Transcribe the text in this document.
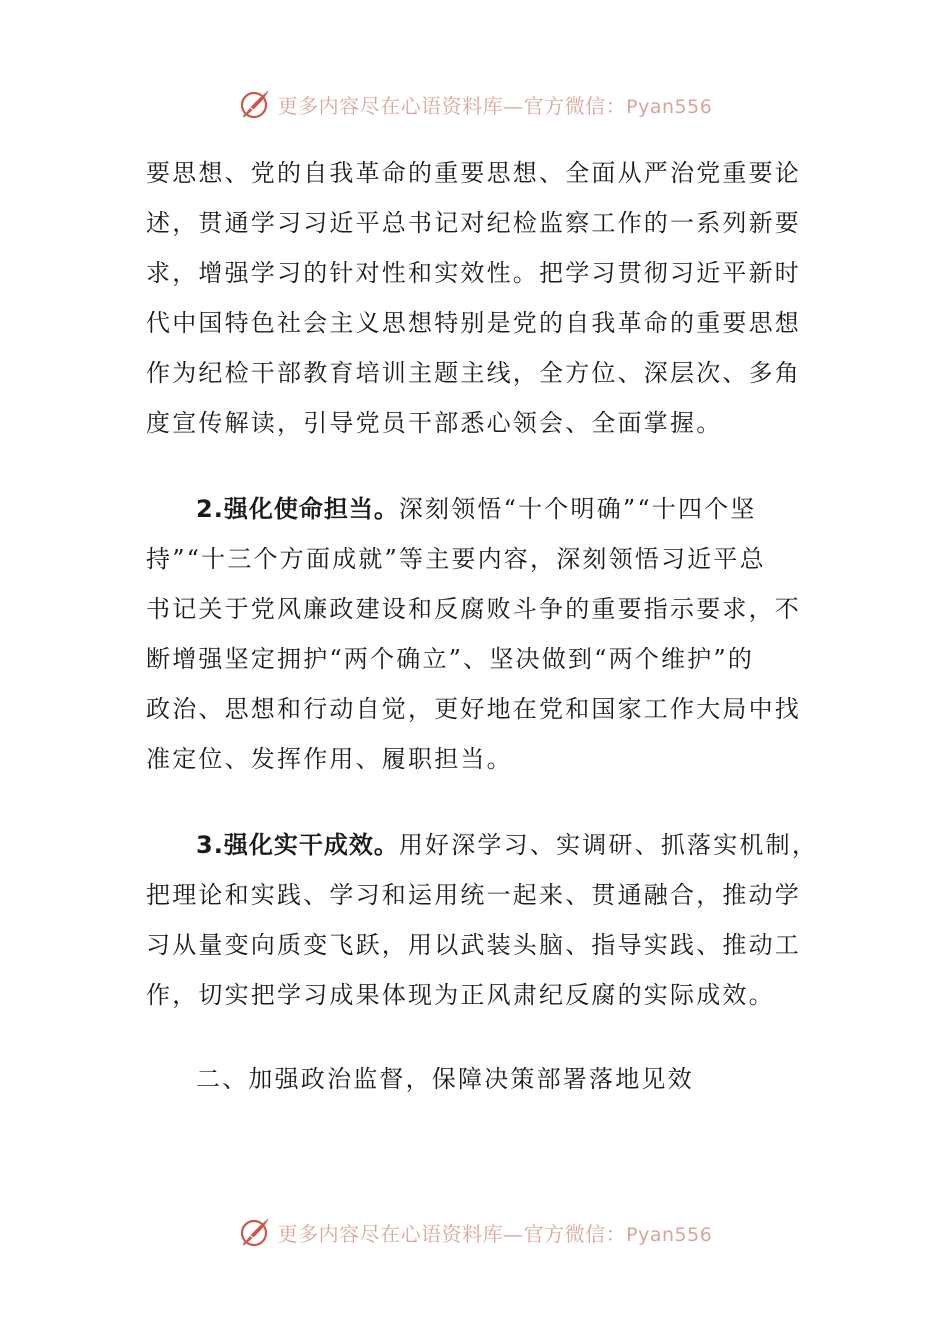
更多内容尽在心语资料库—官方微信：Pyan556

要思想、党的自我革命的重要思想、全面从严治党重要论
述，贯通学习习近平总书记对纪检监察工作的一系列新要
求，增强学习的针对性和实效性。把学习贯彻习近平新时
代中国特色社会主义思想特别是党的自我革命的重要思想
作为纪检干部教育培训主题主线，全方位、深层次、多角
度宣传解读，引导党员干部悉心领会、全面掌握。

2.强化使命担当。深刻领悟“十个明确”“十四个坚
持”“十三个方面成就”等主要内容，深刻领悟习近平总
书记关于党风廉政建设和反腐败斗争的重要指示要求，不
断增强坚定拥护“两个确立”、坚决做到“两个维护”的
政治、思想和行动自觉，更好地在党和国家工作大局中找
准定位、发挥作用、履职担当。

3.强化实干成效。用好深学习、实调研、抓落实机制，
把理论和实践、学习和运用统一起来、贯通融合，推动学
习从量变向质变飞跃，用以武装头脑、指导实践、推动工
作，切实把学习成果体现为正风肃纪反腐的实际成效。

二、加强政治监督，保障决策部署落地见效

更多内容尽在心语资料库—官方微信：Pyan556
